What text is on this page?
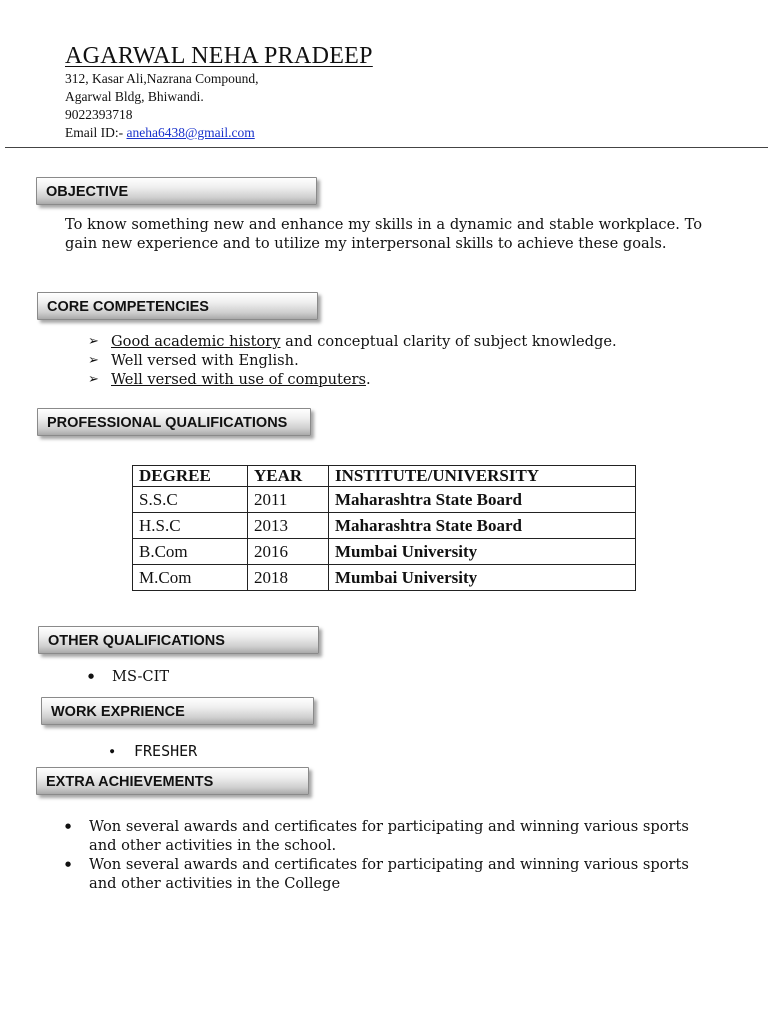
AGARWAL NEHA PRADEEP
312, Kasar Ali,Nazrana Compound,
Agarwal Bldg, Bhiwandi.
9022393718
Email ID:- aneha6438@gmail.com
OBJECTIVE
To know something new and enhance my skills in a dynamic and stable workplace. To gain new experience and to utilize my interpersonal skills to achieve these goals.
CORE COMPETENCIES
➢ Good academic history and conceptual clarity of subject knowledge.
➢ Well versed with English.
➢ Well versed with use of computers.
PROFESSIONAL QUALIFICATIONS
DEGREE	YEAR	INSTITUTE/UNIVERSITY
S.S.C	2011	Maharashtra State Board
H.S.C	2013	Maharashtra State Board
B.Com	2016	Mumbai University
M.Com	2018	Mumbai University
OTHER QUALIFICATIONS
● MS-CIT
WORK EXPRIENCE
● FRESHER
EXTRA ACHIEVEMENTS
● Won several awards and certificates for participating and winning various sports and other activities in the school.
● Won several awards and certificates for participating and winning various sports and other activities in the College
